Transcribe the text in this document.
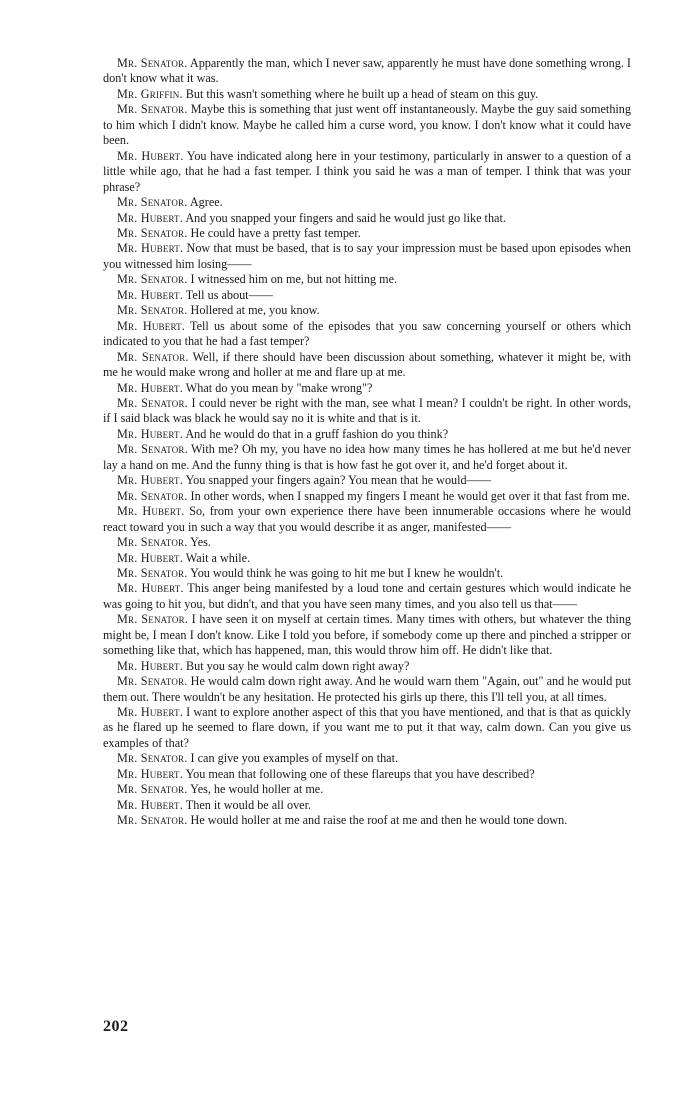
Mr. Senator. Apparently the man, which I never saw, apparently he must have done something wrong. I don't know what it was.

Mr. Griffin. But this wasn't something where he built up a head of steam on this guy.

Mr. Senator. Maybe this is something that just went off instantaneously. Maybe the guy said something to him which I didn't know. Maybe he called him a curse word, you know. I don't know what it could have been.

Mr. Hubert. You have indicated along here in your testimony, particularly in answer to a question of a little while ago, that he had a fast temper. I think you said he was a man of temper. I think that was your phrase?

Mr. Senator. Agree.

Mr. Hubert. And you snapped your fingers and said he would just go like that.

Mr. Senator. He could have a pretty fast temper.

Mr. Hubert. Now that must be based, that is to say your impression must be based upon episodes when you witnessed him losing——

Mr. Senator. I witnessed him on me, but not hitting me.

Mr. Hubert. Tell us about——

Mr. Senator. Hollered at me, you know.

Mr. Hubert. Tell us about some of the episodes that you saw concerning yourself or others which indicated to you that he had a fast temper?

Mr. Senator. Well, if there should have been discussion about something, whatever it might be, with me he would make wrong and holler at me and flare up at me.

Mr. Hubert. What do you mean by "make wrong"?

Mr. Senator. I could never be right with the man, see what I mean? I couldn't be right. In other words, if I said black was black he would say no it is white and that is it.

Mr. Hubert. And he would do that in a gruff fashion do you think?

Mr. Senator. With me? Oh my, you have no idea how many times he has hollered at me but he'd never lay a hand on me. And the funny thing is that is how fast he got over it, and he'd forget about it.

Mr. Hubert. You snapped your fingers again? You mean that he would——

Mr. Senator. In other words, when I snapped my fingers I meant he would get over it that fast from me.

Mr. Hubert. So, from your own experience there have been innumerable occasions where he would react toward you in such a way that you would describe it as anger, manifested——

Mr. Senator. Yes.

Mr. Hubert. Wait a while.

Mr. Senator. You would think he was going to hit me but I knew he wouldn't.

Mr. Hubert. This anger being manifested by a loud tone and certain gestures which would indicate he was going to hit you, but didn't, and that you have seen many times, and you also tell us that——

Mr. Senator. I have seen it on myself at certain times. Many times with others, but whatever the thing might be, I mean I don't know. Like I told you before, if somebody come up there and pinched a stripper or something like that, which has happened, man, this would throw him off. He didn't like that.

Mr. Hubert. But you say he would calm down right away?

Mr. Senator. He would calm down right away. And he would warn them "Again, out" and he would put them out. There wouldn't be any hesitation. He protected his girls up there, this I'll tell you, at all times.

Mr. Hubert. I want to explore another aspect of this that you have mentioned, and that is that as quickly as he flared up he seemed to flare down, if you want me to put it that way, calm down. Can you give us examples of that?

Mr. Senator. I can give you examples of myself on that.

Mr. Hubert. You mean that following one of these flareups that you have described?

Mr. Senator. Yes, he would holler at me.

Mr. Hubert. Then it would be all over.

Mr. Senator. He would holler at me and raise the roof at me and then he would tone down.

202
